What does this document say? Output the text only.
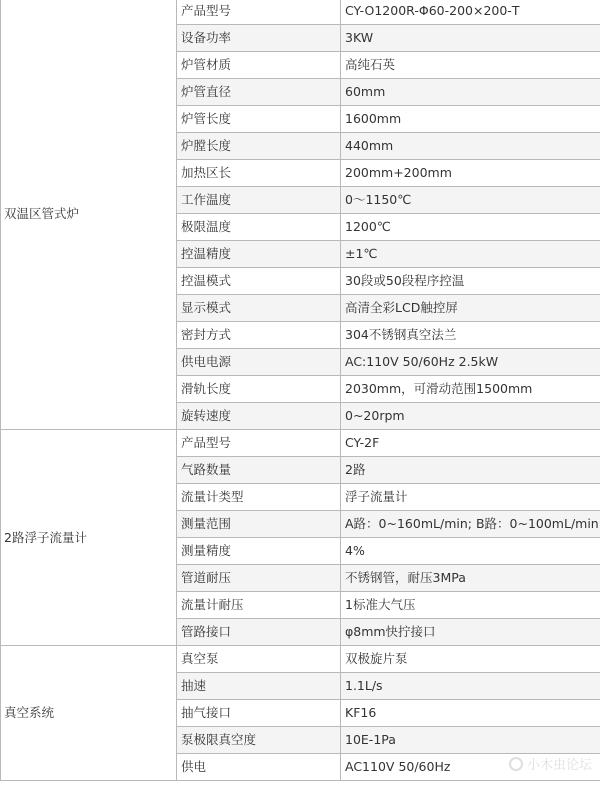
双温区管式炉	产品型号	CY-O1200R-Φ60-200×200-T
	设备功率	3KW
	炉管材质	高纯石英
	炉管直径	60mm
	炉管长度	1600mm
	炉膛长度	440mm
	加热区长	200mm+200mm
	工作温度	0～1150℃
	极限温度	1200℃
	控温精度	±1℃
	控温模式	30段或50段程序控温
	显示模式	高清全彩LCD触控屏
	密封方式	304不锈钢真空法兰
	供电电源	AC:110V 50/60Hz 2.5kW
	滑轨长度	2030mm，可滑动范围1500mm
	旋转速度	0~20rpm
2路浮子流量计	产品型号	CY-2F
	气路数量	2路
	流量计类型	浮子流量计
	测量范围	A路：0~160mL/min; B路：0~100mL/min
	测量精度	4%
	管道耐压	不锈钢管，耐压3MPa
	流量计耐压	1标准大气压
	管路接口	φ8mm快拧接口
真空系统	真空泵	双极旋片泵
	抽速	1.1L/s
	抽气接口	KF16
	泵极限真空度	10E-1Pa
	供电	AC110V 50/60Hz	小木虫论坛
